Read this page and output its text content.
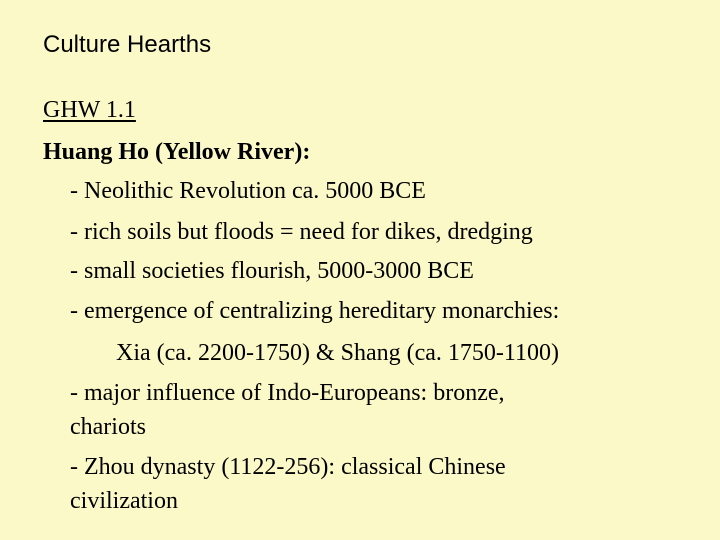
Culture Hearths
GHW 1.1
Huang Ho (Yellow River):
- Neolithic Revolution ca. 5000 BCE
- rich soils but floods = need for dikes, dredging
- small societies flourish, 5000-3000 BCE
- emergence of centralizing hereditary monarchies:
Xia (ca. 2200-1750) & Shang (ca. 1750-1100)
- major influence of Indo-Europeans: bronze,
chariots
- Zhou dynasty (1122-256): classical Chinese
civilization
